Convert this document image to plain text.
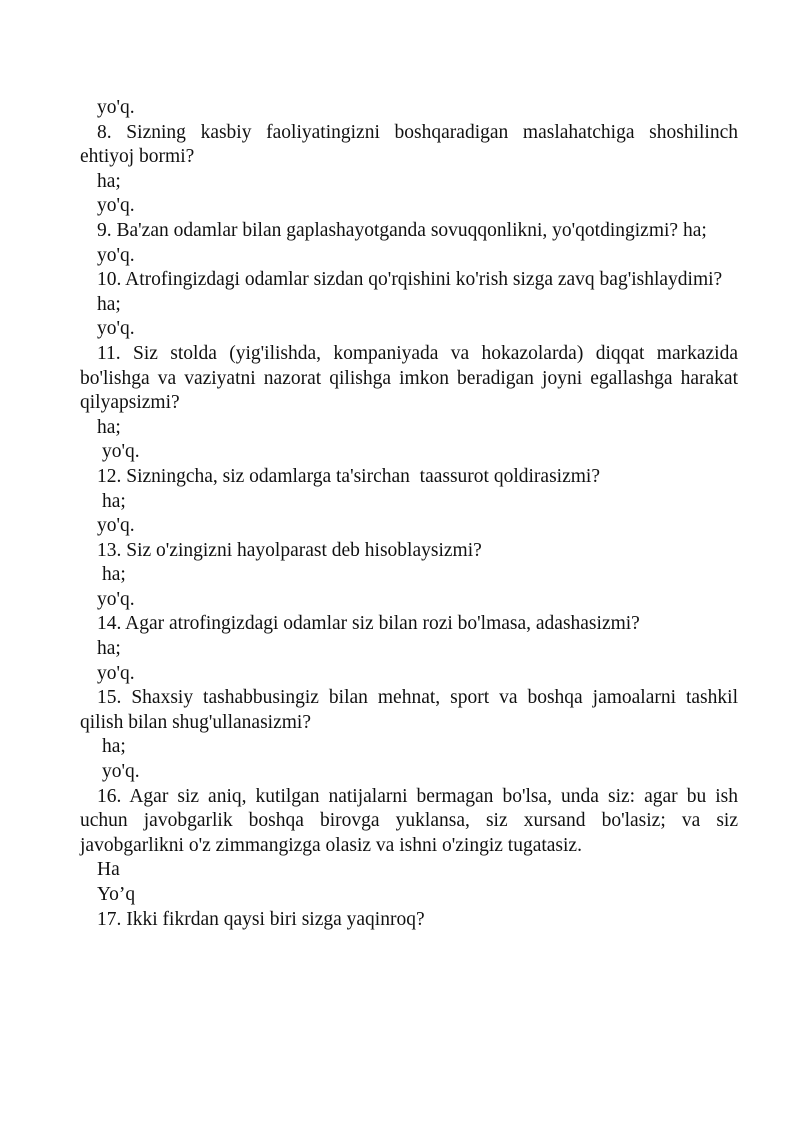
yo'q.
8. Sizning kasbiy faoliyatingizni boshqaradigan maslahatchiga shoshilinch ehtiyoj bormi?
ha;
yo'q.
9. Ba'zan odamlar bilan gaplashayotganda sovuqqonlikni, yo'qotdingizmi? ha;
yo'q.
10. Atrofingizdagi odamlar sizdan qo'rqishini ko'rish sizga zavq bag'ishlaydimi?
ha;
yo'q.
11. Siz stolda (yig'ilishda, kompaniyada va hokazolarda) diqqat markazida bo'lishga va vaziyatni nazorat qilishga imkon beradigan joyni egallashga harakat qilyapsizmi?
ha;
yo'q.
12. Sizningcha, siz odamlarga ta'sirchan  taassurot qoldirasizmi?
ha;
yo'q.
13. Siz o'zingizni hayolparast deb hisoblaysizmi?
ha;
yo'q.
14. Agar atrofingizdagi odamlar siz bilan rozi bo'lmasa, adashasizmi?
ha;
yo'q.
15. Shaxsiy tashabbusingiz bilan mehnat, sport va boshqa jamoalarni tashkil qilish bilan shug'ullanasizmi?
ha;
yo'q.
16. Agar siz aniq, kutilgan natijalarni bermagan bo'lsa, unda siz: agar bu ish uchun javobgarlik boshqa birovga yuklansa, siz xursand bo'lasiz; va siz javobgarlikni o'z zimmangizga olasiz va ishni o'zingiz tugatasiz.
Ha
Yo’q
17. Ikki fikrdan qaysi biri sizga yaqinroq?
